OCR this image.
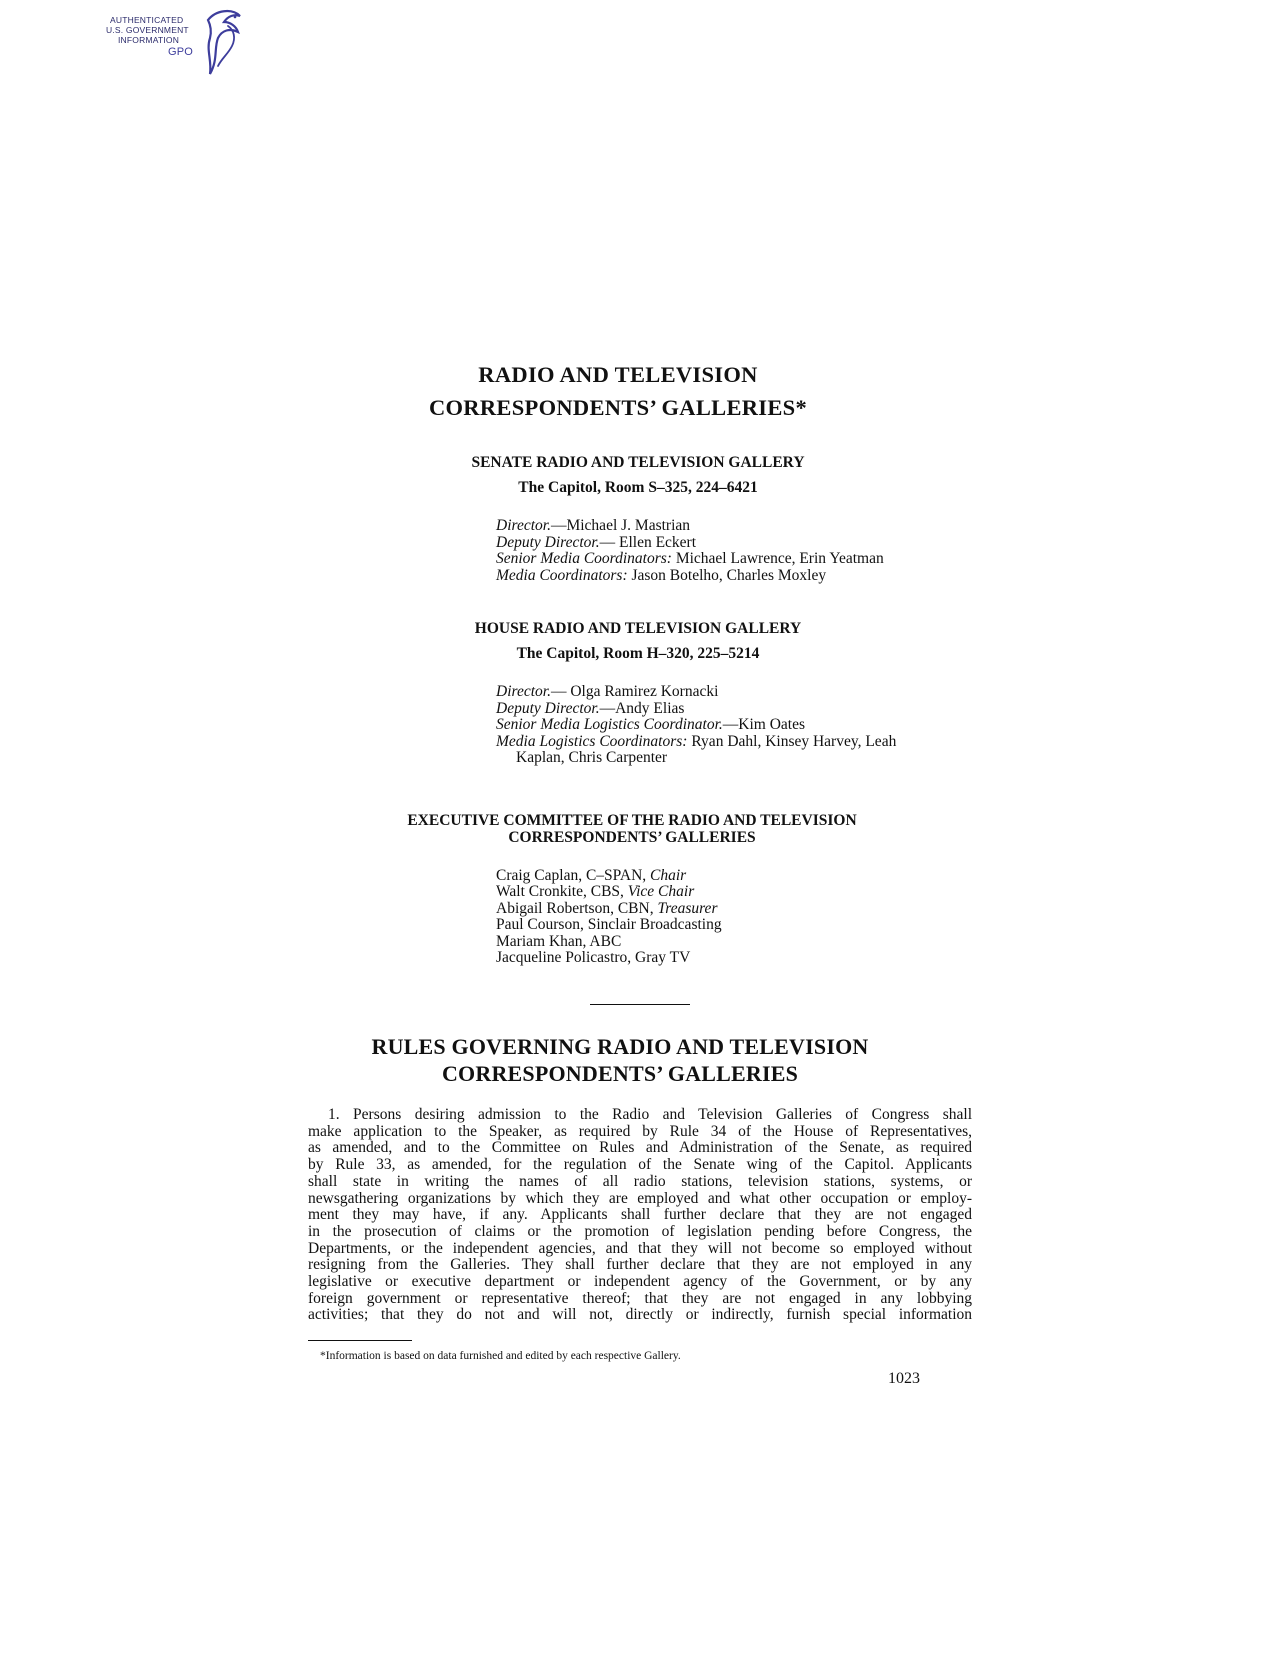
AUTHENTICATED
U.S. GOVERNMENT
INFORMATION
GPO
RADIO AND TELEVISION
CORRESPONDENTS’ GALLERIES*
SENATE RADIO AND TELEVISION GALLERY
The Capitol, Room S–325, 224–6421
Director.—Michael J. Mastrian
Deputy Director.— Ellen Eckert
Senior Media Coordinators: Michael Lawrence, Erin Yeatman
Media Coordinators: Jason Botelho, Charles Moxley
HOUSE RADIO AND TELEVISION GALLERY
The Capitol, Room H–320, 225–5214
Director.— Olga Ramirez Kornacki
Deputy Director.—Andy Elias
Senior Media Logistics Coordinator.—Kim Oates
Media Logistics Coordinators: Ryan Dahl, Kinsey Harvey, Leah
Kaplan, Chris Carpenter
EXECUTIVE COMMITTEE OF THE RADIO AND TELEVISION
CORRESPONDENTS’ GALLERIES
Craig Caplan, C–SPAN, Chair
Walt Cronkite, CBS, Vice Chair
Abigail Robertson, CBN, Treasurer
Paul Courson, Sinclair Broadcasting
Mariam Khan, ABC
Jacqueline Policastro, Gray TV
RULES GOVERNING RADIO AND TELEVISION
CORRESPONDENTS’ GALLERIES
1. Persons desiring admission to the Radio and Television Galleries of Congress shall
make application to the Speaker, as required by Rule 34 of the House of Representatives,
as amended, and to the Committee on Rules and Administration of the Senate, as required
by Rule 33, as amended, for the regulation of the Senate wing of the Capitol. Applicants
shall state in writing the names of all radio stations, television stations, systems, or
newsgathering organizations by which they are employed and what other occupation or employ-
ment they may have, if any. Applicants shall further declare that they are not engaged
in the prosecution of claims or the promotion of legislation pending before Congress, the
Departments, or the independent agencies, and that they will not become so employed without
resigning from the Galleries. They shall further declare that they are not employed in any
legislative or executive department or independent agency of the Government, or by any
foreign government or representative thereof; that they are not engaged in any lobbying
activities; that they do not and will not, directly or indirectly, furnish special information
*Information is based on data furnished and edited by each respective Gallery.
1023
